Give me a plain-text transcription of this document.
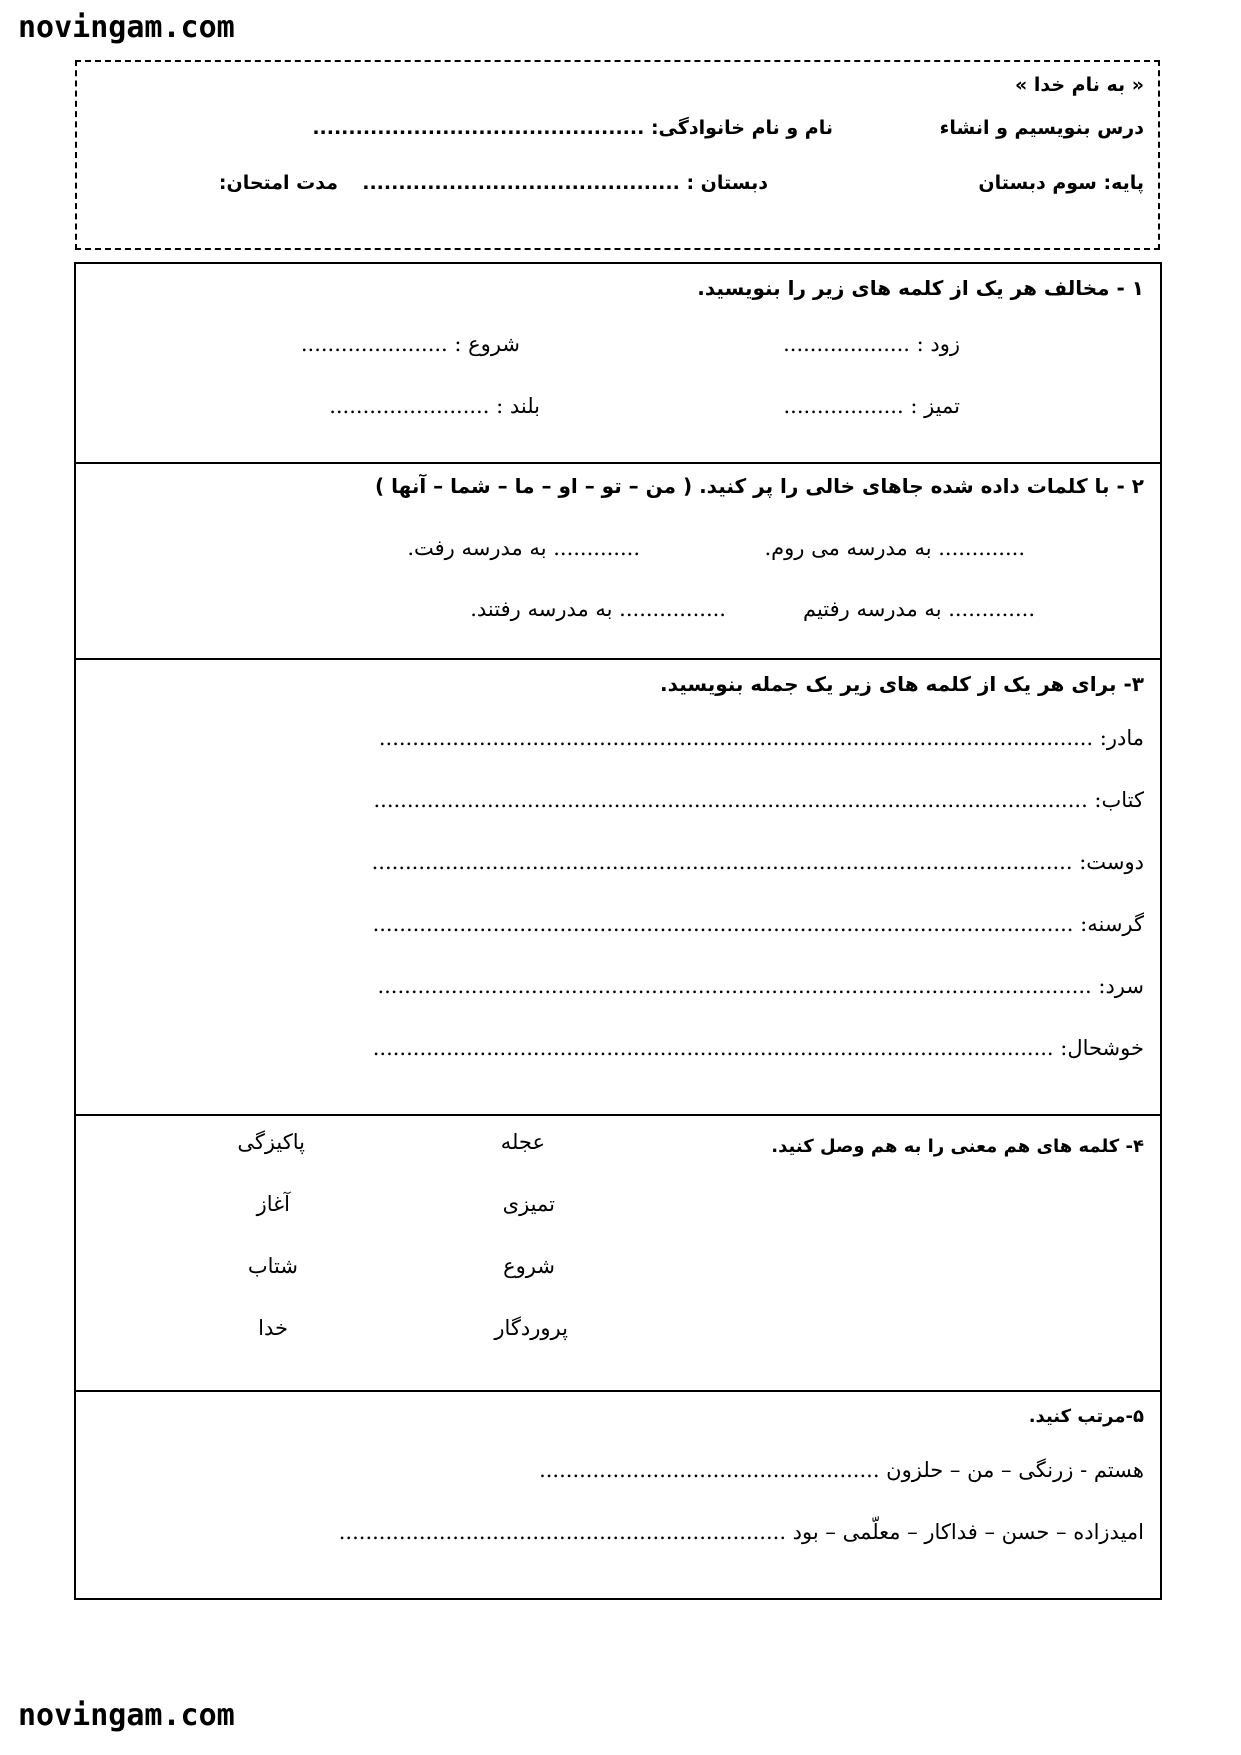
novingam.com
« به نام خدا »
درس بنویسیم و انشاء
نام و نام خانوادگی: ..............................................
پایه: سوم دبستان
دبستان : ............................................
مدت امتحان:
۱ - مخالف هر یک از کلمه های زیر را بنویسید.
زود : ...................
شروع : ......................
تمیز : ..................
بلند : ........................
۲ - با کلمات داده شده جاهای خالی را پر کنید. ( من – تو – او – ما – شما – آنها )
............. به مدرسه می روم.
............. به مدرسه رفت.
............. به مدرسه رفتیم
................ به مدرسه رفتند.
۳- برای هر یک از کلمه های زیر یک جمله بنویسید.
مادر: ...........................................................................................................
کتاب: ...........................................................................................................
دوست: .........................................................................................................
گرسنه: .........................................................................................................
سرد: ...........................................................................................................
خوشحال: ......................................................................................................
۴- کلمه های هم معنی را به هم وصل کنید.
عجله
تمیزی
شروع
پروردگار
پاکیزگی
آغاز
شتاب
خدا
۵-مرتب کنید.
هستم - زرنگی – من – حلزون ...................................................
امیدزاده – حسن – فداکار – معلّمی – بود ...................................................................
novingam.com
